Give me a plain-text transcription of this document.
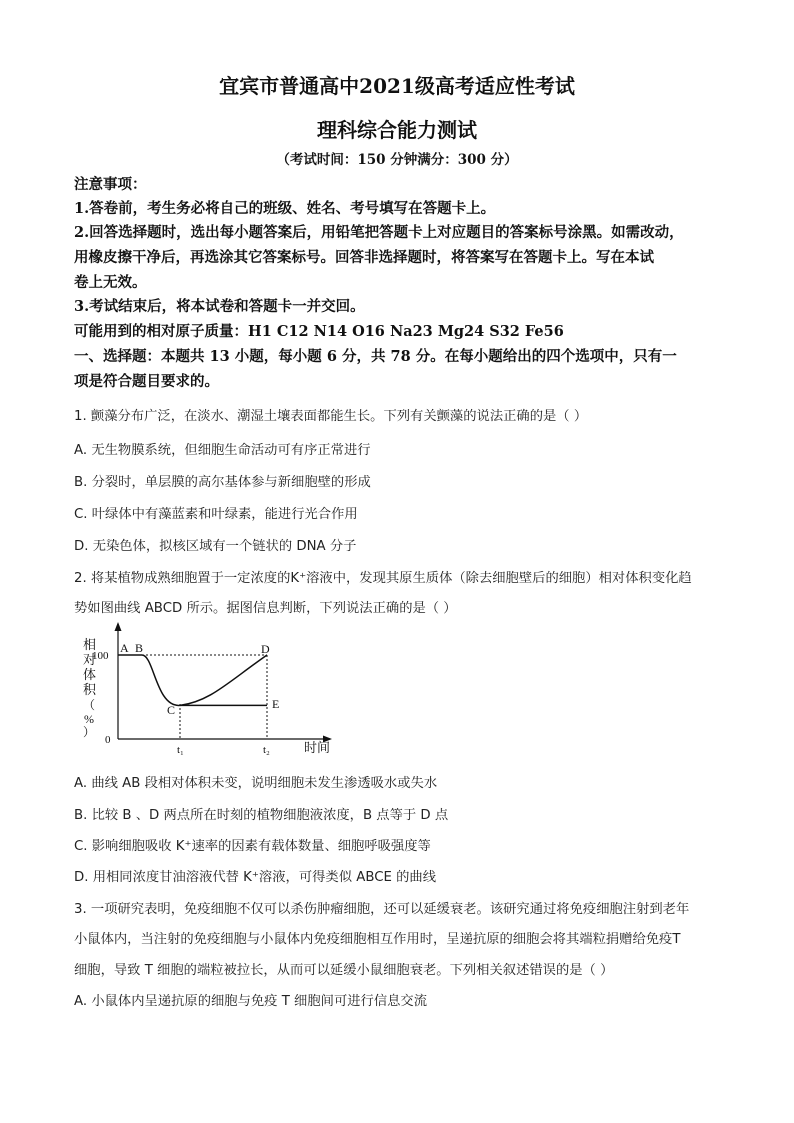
宜宾市普通高中2021级高考适应性考试
理科综合能力测试
（考试时间：150 分钟满分：300 分）
注意事项：
1.答卷前，考生务必将自己的班级、姓名、考号填写在答题卡上。
2.回答选择题时，选出每小题答案后，用铅笔把答题卡上对应题目的答案标号涂黑。如需改动，
用橡皮擦干净后，再选涂其它答案标号。回答非选择题时，将答案写在答题卡上。写在本试
卷上无效。
3.考试结束后，将本试卷和答题卡一并交回。
可能用到的相对原子质量：H1 C12 N14 O16 Na23 Mg24 S32 Fe56
一、选择题：本题共 13 小题，每小题 6 分，共 78 分。在每小题给出的四个选项中，只有一
项是符合题目要求的。
1. 颤藻分布广泛，在淡水、潮湿土壤表面都能生长。下列有关颤藻的说法正确的是（ ）
A. 无生物膜系统，但细胞生命活动可有序正常进行
B. 分裂时，单层膜的高尔基体参与新细胞壁的形成
C. 叶绿体中有藻蓝素和叶绿素，能进行光合作用
D. 无染色体，拟核区域有一个链状的 DNA 分子
2. 将某植物成熟细胞置于一定浓度的K⁺溶液中，发现其原生质体（除去细胞壁后的细胞）相对体积变化趋
势如图曲线 ABCD 所示。据图信息判断，下列说法正确的是（ ）
相
对
体
积
（
%
）
100
0
t₁	t₂	时间
A B
C
D
E
A. 曲线 AB 段相对体积未变，说明细胞未发生渗透吸水或失水
B. 比较 B 、D 两点所在时刻的植物细胞液浓度，B 点等于 D 点
C. 影响细胞吸收 K⁺速率的因素有载体数量、细胞呼吸强度等
D. 用相同浓度甘油溶液代替 K⁺溶液，可得类似 ABCE 的曲线
3. 一项研究表明，免疫细胞不仅可以杀伤肿瘤细胞，还可以延缓衰老。该研究通过将免疫细胞注射到老年
小鼠体内，当注射的免疫细胞与小鼠体内免疫细胞相互作用时，呈递抗原的细胞会将其端粒捐赠给免疫T
细胞，导致 T 细胞的端粒被拉长，从而可以延缓小鼠细胞衰老。下列相关叙述错误的是（ ）
A. 小鼠体内呈递抗原的细胞与免疫 T 细胞间可进行信息交流
